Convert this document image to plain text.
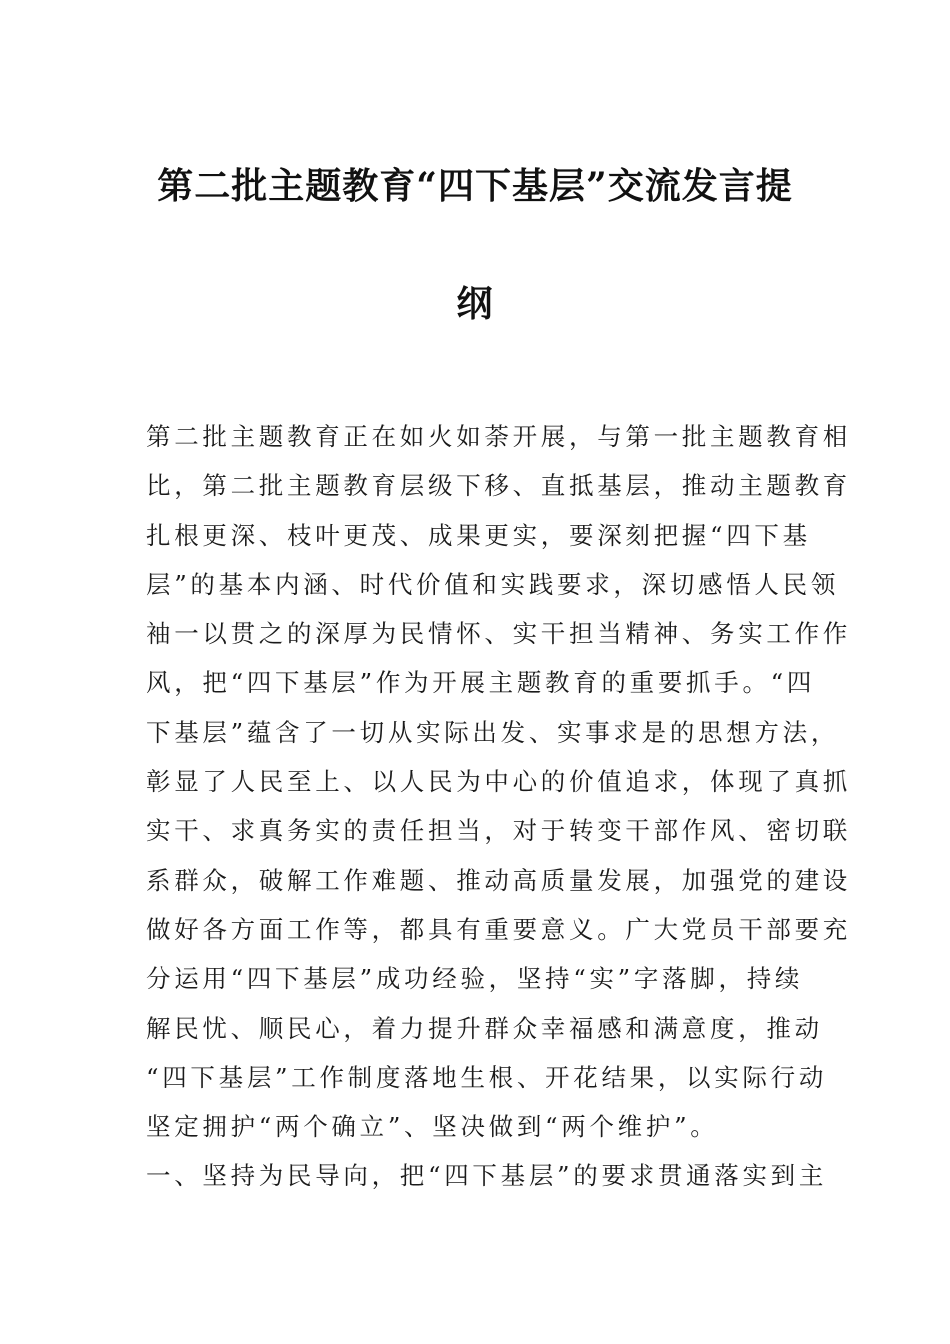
第二批主题教育“四下基层”交流发言提
纲
第二批主题教育正在如火如荼开展，与第一批主题教育相
比，第二批主题教育层级下移、直抵基层，推动主题教育
扎根更深、枝叶更茂、成果更实，要深刻把握“四下基
层”的基本内涵、时代价值和实践要求，深切感悟人民领
袖一以贯之的深厚为民情怀、实干担当精神、务实工作作
风，把“四下基层”作为开展主题教育的重要抓手。“四
下基层”蕴含了一切从实际出发、实事求是的思想方法，
彰显了人民至上、以人民为中心的价值追求，体现了真抓
实干、求真务实的责任担当，对于转变干部作风、密切联
系群众，破解工作难题、推动高质量发展，加强党的建设
做好各方面工作等，都具有重要意义。广大党员干部要充
分运用“四下基层”成功经验，坚持“实”字落脚，持续
解民忧、顺民心，着力提升群众幸福感和满意度，推动
“四下基层”工作制度落地生根、开花结果，以实际行动
坚定拥护“两个确立”、坚决做到“两个维护”。
一、坚持为民导向，把“四下基层”的要求贯通落实到主
